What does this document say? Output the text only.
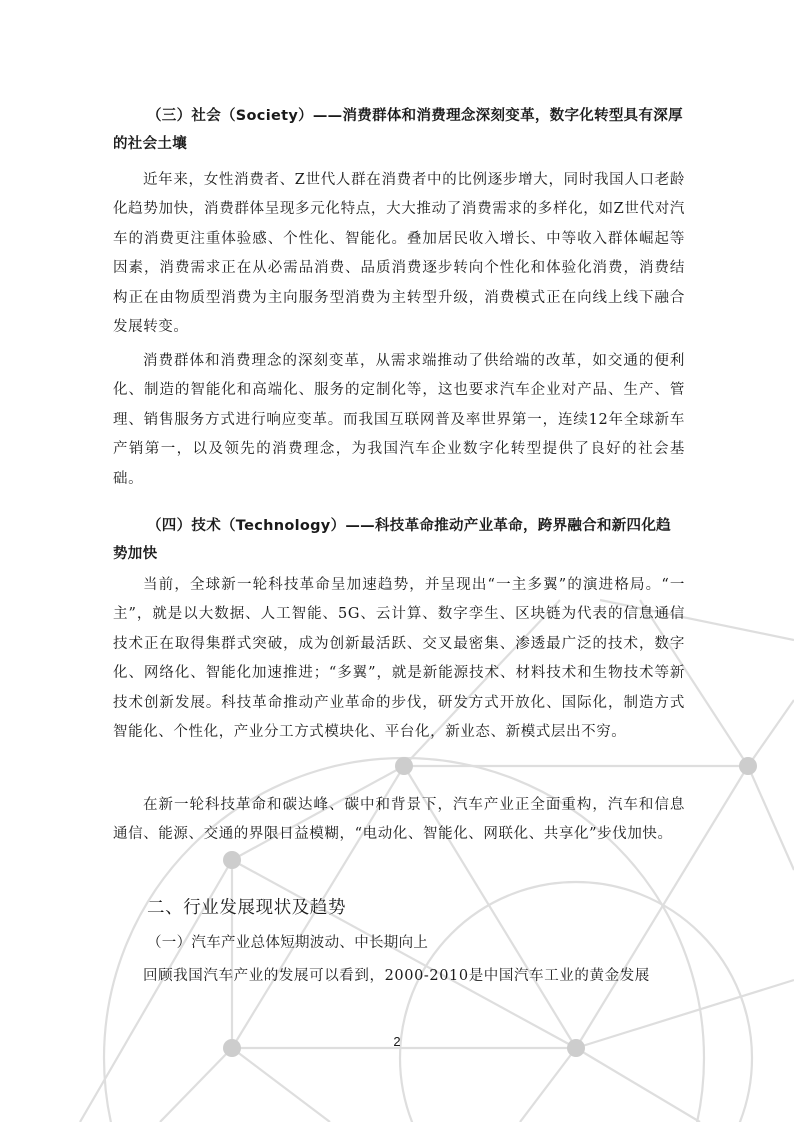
（三）社会（Society）——消费群体和消费理念深刻变革，数字化转型具有深厚的社会土壤
近年来，女性消费者、Z世代人群在消费者中的比例逐步增大，同时我国人口老龄化趋势加快，消费群体呈现多元化特点，大大推动了消费需求的多样化，如Z世代对汽车的消费更注重体验感、个性化、智能化。叠加居民收入增长、中等收入群体崛起等因素，消费需求正在从必需品消费、品质消费逐步转向个性化和体验化消费，消费结构正在由物质型消费为主向服务型消费为主转型升级，消费模式正在向线上线下融合发展转变。
消费群体和消费理念的深刻变革，从需求端推动了供给端的改革，如交通的便利化、制造的智能化和高端化、服务的定制化等，这也要求汽车企业对产品、生产、管理、销售服务方式进行响应变革。而我国互联网普及率世界第一，连续12年全球新车产销第一，以及领先的消费理念，为我国汽车企业数字化转型提供了良好的社会基础。
（四）技术（Technology）——科技革命推动产业革命，跨界融合和新四化趋势加快
当前，全球新一轮科技革命呈加速趋势，并呈现出“一主多翼”的演进格局。“一主”，就是以大数据、人工智能、5G、云计算、数字孪生、区块链为代表的信息通信技术正在取得集群式突破，成为创新最活跃、交叉最密集、渗透最广泛的技术，数字化、网络化、智能化加速推进；“多翼”，就是新能源技术、材料技术和生物技术等新技术创新发展。科技革命推动产业革命的步伐，研发方式开放化、国际化，制造方式智能化、个性化，产业分工方式模块化、平台化，新业态、新模式层出不穷。
在新一轮科技革命和碳达峰、碳中和背景下，汽车产业正全面重构，汽车和信息通信、能源、交通的界限日益模糊，“电动化、智能化、网联化、共享化”步伐加快。
二、行业发展现状及趋势
（一）汽车产业总体短期波动、中长期向上
回顾我国汽车产业的发展可以看到，2000-2010是中国汽车工业的黄金发展
2
